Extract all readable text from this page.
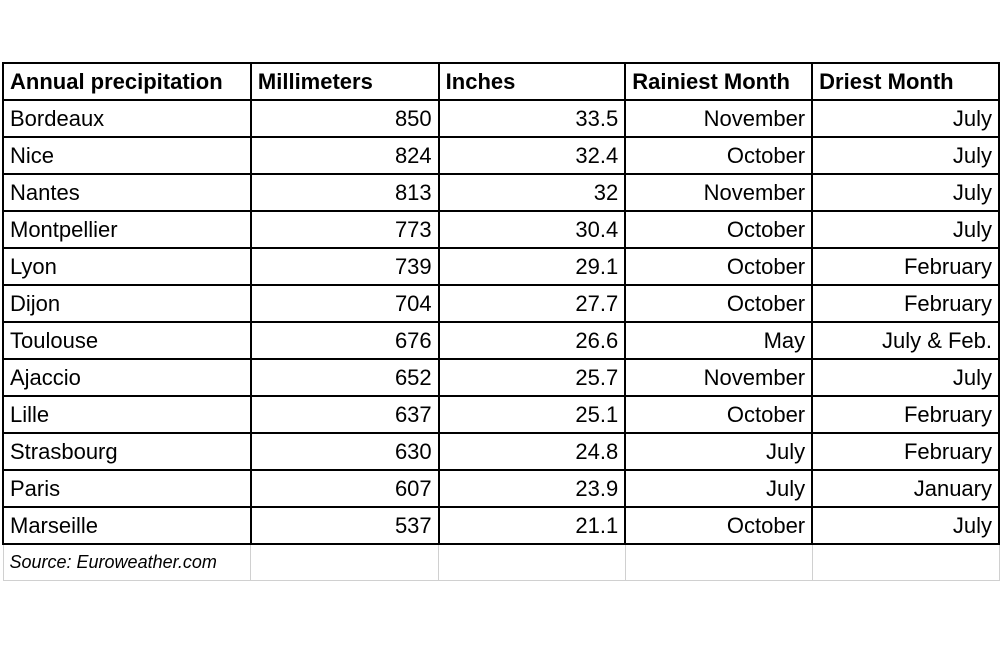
Annual precipitation	Millimeters	Inches	Rainiest Month	Driest Month
Bordeaux	850	33.5	November	July
Nice	824	32.4	October	July
Nantes	813	32	November	July
Montpellier	773	30.4	October	July
Lyon	739	29.1	October	February
Dijon	704	27.7	October	February
Toulouse	676	26.6	May	July & Feb.
Ajaccio	652	25.7	November	July
Lille	637	25.1	October	February
Strasbourg	630	24.8	July	February
Paris	607	23.9	July	January
Marseille	537	21.1	October	July
Source: Euroweather.com				
